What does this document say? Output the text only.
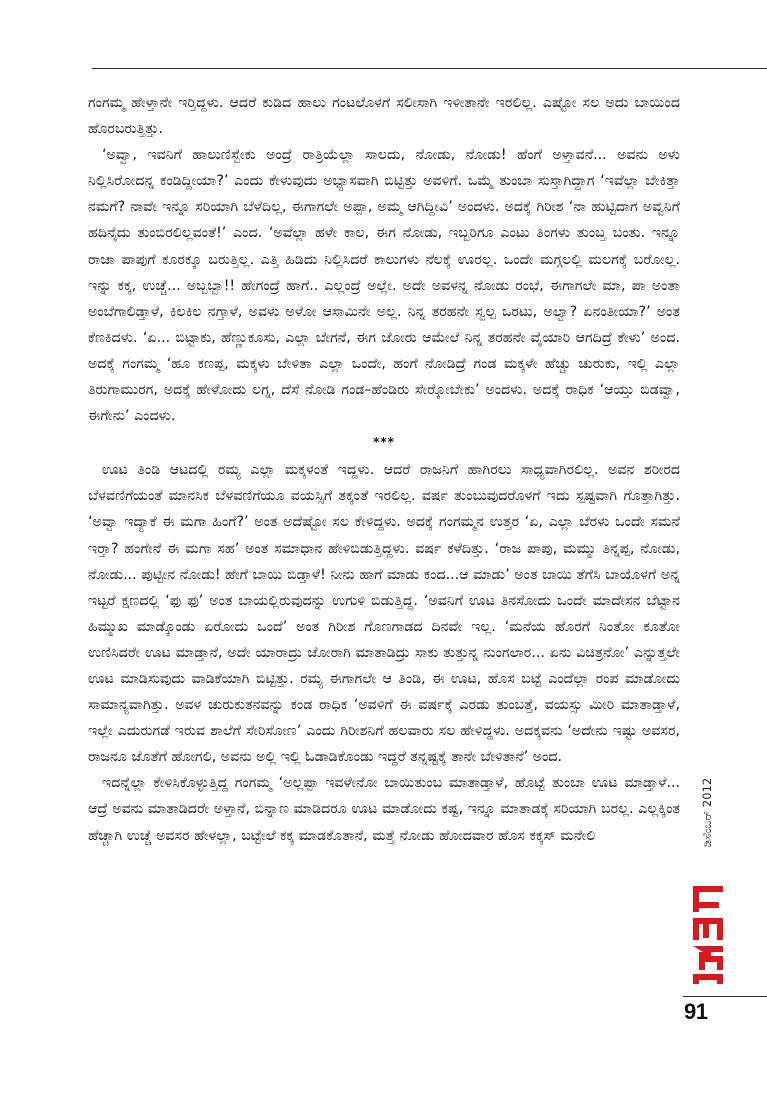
ಗಂಗಮ್ಮ ಹೇಳ್ತಾನೇ ಇರ್‍ತಿದ್ದಳು. ಆದರೆ ಕುಡಿದ ಹಾಲು ಗಂಟಲೊಳಗೆ ಸಲೀಸಾಗಿ ಇಳೀತಾನೇ ಇರಲಿಲ್ಲ. ಎಷ್ಟೋ ಸಲ ಅದು ಬಾಯಿಂದ ಹೊರಬರುತ್ತಿತ್ತು.

‘ಅವ್ವಾ, ಇವನಿಗೆ ಹಾಲುಣಿಸ್ಬೇಕು ಅಂದ್ರೆ ರಾತ್ರಿಯೆಲ್ಲಾ ಸಾಲದು, ನೋಡು, ನೋಡು! ಹೆಂಗೆ ಅಳ್ತಾವನೆ... ಅವನು ಅಳು ನಿಲ್ಲಿಸಿರೋದನ್ನ ಕಂಡಿದ್ದೀಯಾ?’ ಎಂದು ಕೇಳುವುದು ಅಭ್ಯಾಸವಾಗಿ ಬಿಟ್ಟಿತ್ತು ಅವಳಿಗೆ. ಒಮ್ಮೆ ತುಂಬಾ ಸುಸ್ತಾಗಿದ್ದಾಗ ‘ಇವೆಲ್ಲಾ ಬೇಕಿತ್ತಾ ನಮಗೆ? ನಾವೇ ಇನ್ನೂ ಸರಿಯಾಗಿ ಬೆಳೆದಿಲ್ಲ, ಈಗಾಗಲೇ ಅಪ್ಪಾ, ಅಮ್ಮ ಆಗಿದ್ದೀವಿ’ ಅಂದಳು. ಅದಕ್ಕೆ ಗಿರೀಶ ‘ನಾ ಹುಟ್ಟಿದಾಗ ಅವ್ವನಿಗೆ ಹದಿನೈದು ತುಂಬಿರಲಿಲ್ಲವಂತೆ!’ ಎಂದ. ‘ಅವೆಲ್ಲಾ ಹಳೇ ಕಾಲ, ಈಗ ನೋಡು, ಇಬ್ಬರಿಗೂ ಎಂಟು ತಿಂಗಳು ತುಂಬ್ತ ಬಂತು. ಇನ್ನೂ ರಾಜಾ ಪಾಪುಗೆ ಕೂರಕ್ಕೂ ಬರುತ್ತಿಲ್ಲ. ಎತ್ತಿ ಹಿಡಿದು ನಿಲ್ಲಿಸಿದರೆ ಕಾಲುಗಳು ನೆಲಕ್ಕೆ ಊರಲ್ಲ. ಒಂದೇ ಮಗ್ಗಲಲ್ಲಿ ಮಲಗಕ್ಕೆ ಬರೋಲ್ಲ. ಇನ್ನು ಕಕ್ಕ, ಉಚ್ಚೆ... ಅಬ್ಬಬ್ಬಾ!! ಹೇಗಂದ್ರೆ ಹಾಗೆ.. ಎಲ್ಲಂದ್ರೆ ಅಲ್ಲೇ. ಅದೇ ಅವಳನ್ನ ನೋಡು ರಂಭೆ, ಈಗಾಗಲೇ ಮಾ, ಪಾ ಅಂತಾ ಅಂಬೆಗಾಲಿಡ್ತಾಳೆ, ಕಿಲಕಿಲ ನಗ್ತಾಳೆ, ಅವಳು ಅಳೋ ಆಸಾಮಿನೇ ಅಲ್ಲ. ನಿನ್ನ ತರಹನೇ ಸ್ವಲ್ಪ ಒರಟು, ಅಲ್ವಾ? ಏನಂತೀಯಾ?’ ಅಂತ ಕೆಣಕಿದಳು. ‘ಏ... ಬಿಟ್ಟಾಕು, ಹೆಣ್ಣುಕೂಸು, ಎಲ್ಲಾ ಬೇಗನೆ, ಈಗ ಜೋರು ಆಮೇಲೆ ನಿನ್ನ ತರಹನೇ ವೈಯಾರಿ ಆಗದಿದ್ರೆ ಕೇಳು’ ಅಂದ. ಅದಕ್ಕೆ ಗಂಗಮ್ಮ ‘ಹೂ ಕಣಪ್ಪ, ಮಕ್ಕಳು ಬೇಳಿತಾ ಎಲ್ಲಾ ಒಂದೇ, ಹಂಗೆ ನೋಡಿದ್ರೆ ಗಂಡ ಮಕ್ಕಳೇ ಹೆಚ್ಚು ಚುರುಕು, ಇಲ್ಲಿ ಎಲ್ಲಾ ತಿರುಗಾಮುರಗ, ಅದಕ್ಕೆ ಹೇಳೋದು ಲಗ್ನ, ದೆಸೆ ನೋಡಿ ಗಂಡ–ಹೆಂಡಿರು ಸೇರ್‍ಕೋಬೇಕು’ ಅಂದಳು. ಅದಕ್ಕೆ ರಾಧಿಕ ‘ಆಯ್ತು ಬಿಡವ್ವಾ, ಈಗೇನು’ ಎಂದಳು.

***

ಊಟ ತಿಂಡಿ ಆಟದಲ್ಲಿ ರಮ್ಯ ಎಲ್ಲಾ ಮಕ್ಕಳಂತೆ ಇದ್ದಳು. ಆದರೆ ರಾಜನಿಗೆ ಹಾಗಿರಲು ಸಾಧ್ಯವಾಗಿರಲಿಲ್ಲ. ಅವನ ಶರೀರದ ಬೆಳವಣಿಗೆಯಂತೆ ಮಾನಸಿಕ ಬೆಳವಣಿಗೆಯೂ ವಯಸ್ಸಿಗೆ ತಕ್ಕಂತೆ ಇರಲಿಲ್ಲ. ವರ್ಷ ತುಂಬುವುದರೊಳಗೆ ಇದು ಸ್ಪಷ್ಟವಾಗಿ ಗೊತ್ತಾಗಿತ್ತು. ‘ಅವ್ವಾ ಇದ್ಯಾಕೆ ಈ ಮಗಾ ಹಿಂಗೆ?’ ಅಂತ ಅದೆಷ್ಟೋ ಸಲ ಕೇಳಿದ್ದಳು. ಅದಕ್ಕೆ ಗಂಗಮ್ಮನ ಉತ್ತರ ‘ಏ, ಎಲ್ಲಾ ಬೆರಳು ಒಂದೇ ಸಮನೆ ಇರ್‍ತಾ? ಹಂಗೇನೆ ಈ ಮಗಾ ಸಹ’ ಅಂತ ಸಮಾಧಾನ ಹೇಳಿಬಿಡುತ್ತಿದ್ದಳು. ವರ್ಷ ಕಳೆದಿತ್ತು. ‘ರಾಜ ಪಾಪು, ಮಮ್ಮು ತಿನ್ನಪ್ಪ, ನೋಡು, ನೋಡು... ಪುಟ್ಟೀನ ನೋಡು! ಹೇಗೆ ಬಾಯಿ ಬಿಡ್ತಾಳೆ! ನೀನು ಹಾಗೆ ಮಾಡು ಕಂದ...ಆ ಮಾಡು’ ಅಂತ ಬಾಯಿ ತೆಗೆಸಿ ಬಾಯೊಳಗೆ ಅನ್ನ ಇಟ್ಟರೆ ಕ್ಷಣದಲ್ಲಿ ‘ಫು ಫು’ ಅಂತ ಬಾಯಲ್ಲಿರುವುದನ್ನು ಉಗುಳಿ ಬಿಡುತ್ತಿದ್ದ. ‘ಅವನಿಗೆ ಊಟ ತಿನಸೋದು ಒಂದೇ ಮಾದೇಸನ ಬೆಟ್ಟಾನ ಹಿಮ್ಮುಖ ಮಾಡ್ಕೊಂಡು ಏರೋದು ಒಂದೆ’ ಅಂತ ಗಿರೀಶ ಗೊಣಗಾಡದ ದಿನವೇ ಇಲ್ಲ. ‘ಮನೆಯ ಹೊರಗೆ ನಿಂತೋ ಕೂತೋ ಉಣಿಸಿದರೇ ಊಟ ಮಾಡ್ತಾನೆ, ಅದೇ ಯಾರಾದ್ರು ಜೋರಾಗಿ ಮಾತಾಡಿದ್ರು ಸಾಕು ತುತ್ತುನ್ನ ನುಂಗಲಾರ... ಏನು ವಿಚಿತ್ರನೋ’ ಎನ್ನುತ್ತಲೇ ಊಟ ಮಾಡಿಸುವುದು ವಾಡಿಕೆಯಾಗಿ ಬಿಟ್ಟಿತ್ತು. ರಮ್ಯ ಈಗಾಗಲೇ ಆ ತಿಂಡಿ, ಈ ಊಟ, ಹೊಸ ಬಟ್ಟೆ ಎಂದೆಲ್ಲಾ ರಂಪ ಮಾಡೋದು ಸಾಮಾನ್ಯವಾಗಿತ್ತು. ಅವಳ ಚುರುಕುತನವನ್ನು ಕಂಡ ರಾಧಿಕ ‘ಅವಳಿಗೆ ಈ ವರ್ಷಕ್ಕೆ ಎರಡು ತುಂಬತ್ತೆ, ವಯಸ್ಸು ಮೀರಿ ಮಾತಾಡ್ತಾಳೆ, ಇಲ್ಲೇ ಎದುರುಗಡೆ ಇರುವ ಶಾಲೆಗೆ ಸೇರಿಸೋಣ’ ಎಂದು ಗಿರೀಶನಿಗೆ ಹಲವಾರು ಸಲ ಹೇಳಿದ್ದಳು. ಅದಕ್ಕವನು ‘ಅದೇನು ಇಷ್ಟು ಅವಸರ, ರಾಜನೂ ಜೊತೆಗೆ ಹೋಗಲಿ, ಅವನು ಅಲ್ಲಿ ಇಲ್ಲಿ ಓಡಾಡಿಕೊಂಡು ಇದ್ದರೆ ತನ್ನಷ್ಟಕ್ಕೆ ತಾನೇ ಬೇಳಿತಾನೆ’ ಅಂದ.

ಇದನ್ನೆಲ್ಲಾ ಕೇಳಿಸಿಕೊಳ್ಳುತ್ತಿದ್ದ ಗಂಗಮ್ಮ ‘ಅಲ್ಲಪ್ಪಾ ಇವಳೇನೋ ಬಾಯಿತುಂಬ ಮಾತಾಡ್ತಾಳೆ, ಹೊಟ್ಟೆ ತುಂಬಾ ಊಟ ಮಾಡ್ತಾಳೆ... ಆದ್ರೆ ಅವನು ಮಾತಾಡಿದರೇ ಅಳ್ತಾನೆ, ಬಿನ್ನಾಣ ಮಾಡಿದರೂ ಊಟ ಮಾಡೋದು ಕಷ್ಟ, ಇನ್ನೂ ಮಾತಾಡಕ್ಕೆ ಸರಿಯಾಗಿ ಬರಲ್ಲ. ಎಲ್ಲಕ್ಕಿಂತ ಹೆಚ್ಚಾಗಿ ಉಚ್ಚೆ ಅವಸರ ಹೇಳಲ್ಲಾ, ಬಟ್ಟೇಲೆ ಕಕ್ಕ ಮಾಡಕೊತಾನೆ, ಮತ್ತೆ ನೋಡು ಹೋದವಾರ ಹೊಸ ಕಕ್ಕಸ್ ಮನೇಲಿ	ಡಿಸೆಂಬರ್ 2012
91
